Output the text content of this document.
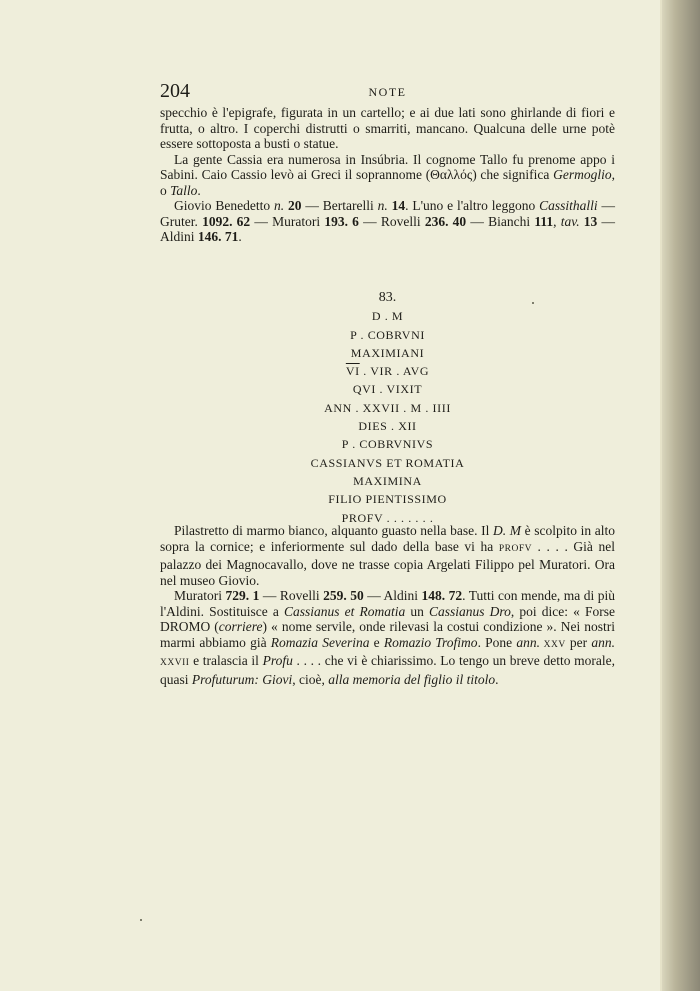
204	NOTE

specchio è l'epigrafe, figurata in un cartello; e ai due lati sono ghirlande di fiori e frutta, o altro. I coperchi distrutti o smarriti, mancano. Qualcuna delle urne potè essere sottoposta a busti o statue.

La gente Cassia era numerosa in Insúbria. Il cognome Tallo fu prenome appo i Sabini. Caio Cassio levò ai Greci il soprannome (Θαλλός) che significa Germoglio, o Tallo.

Giovio Benedetto n. 20 — Bertarelli n. 14. L'uno e l'altro leggono Cassithalli — Gruter. 1092. 62 — Muratori 193. 6 — Rovelli 236. 40 — Bianchi 111, tav. 13 — Aldini 146. 71.

83.
D . M
P . COBRVNI
MAXIMIANI
$\overline{VI}$ . VIR . AVG
QVI . VIXIT
ANN . XXVII . M . IIII
DIES . XII
P . COBRVNIVS
CASSIANVS ET ROMATIA
MAXIMINA
FILIO PIENTISSIMO
PROFV . . . . . . .

Pilastretto di marmo bianco, alquanto guasto nella base. Il D. M è scolpito in alto sopra la cornice; e inferiormente sul dado della base vi ha PROFV . . . . Già nel palazzo dei Magnocavallo, dove ne trasse copia Argelati Filippo pel Muratori. Ora nel museo Giovio.

Muratori 729. 1 — Rovelli 259. 50 — Aldini 148. 72. Tutti con mende, ma di più l'Aldini. Sostituisce a Cassianus et Romatia un Cassianus Dro, poi dice: « Forse DROMO (corriere) « nome servile, onde rilevasi la costui condizione ». Nei nostri marmi abbiamo già Romazia Severina e Romazio Trofimo. Pone ann. XXV per ann. XXVII e tralascia il Profu . . . . che vi è chiarissimo. Lo tengo un breve detto morale, quasi Profuturum: Giovi, cioè, alla memoria del figlio il titolo.
